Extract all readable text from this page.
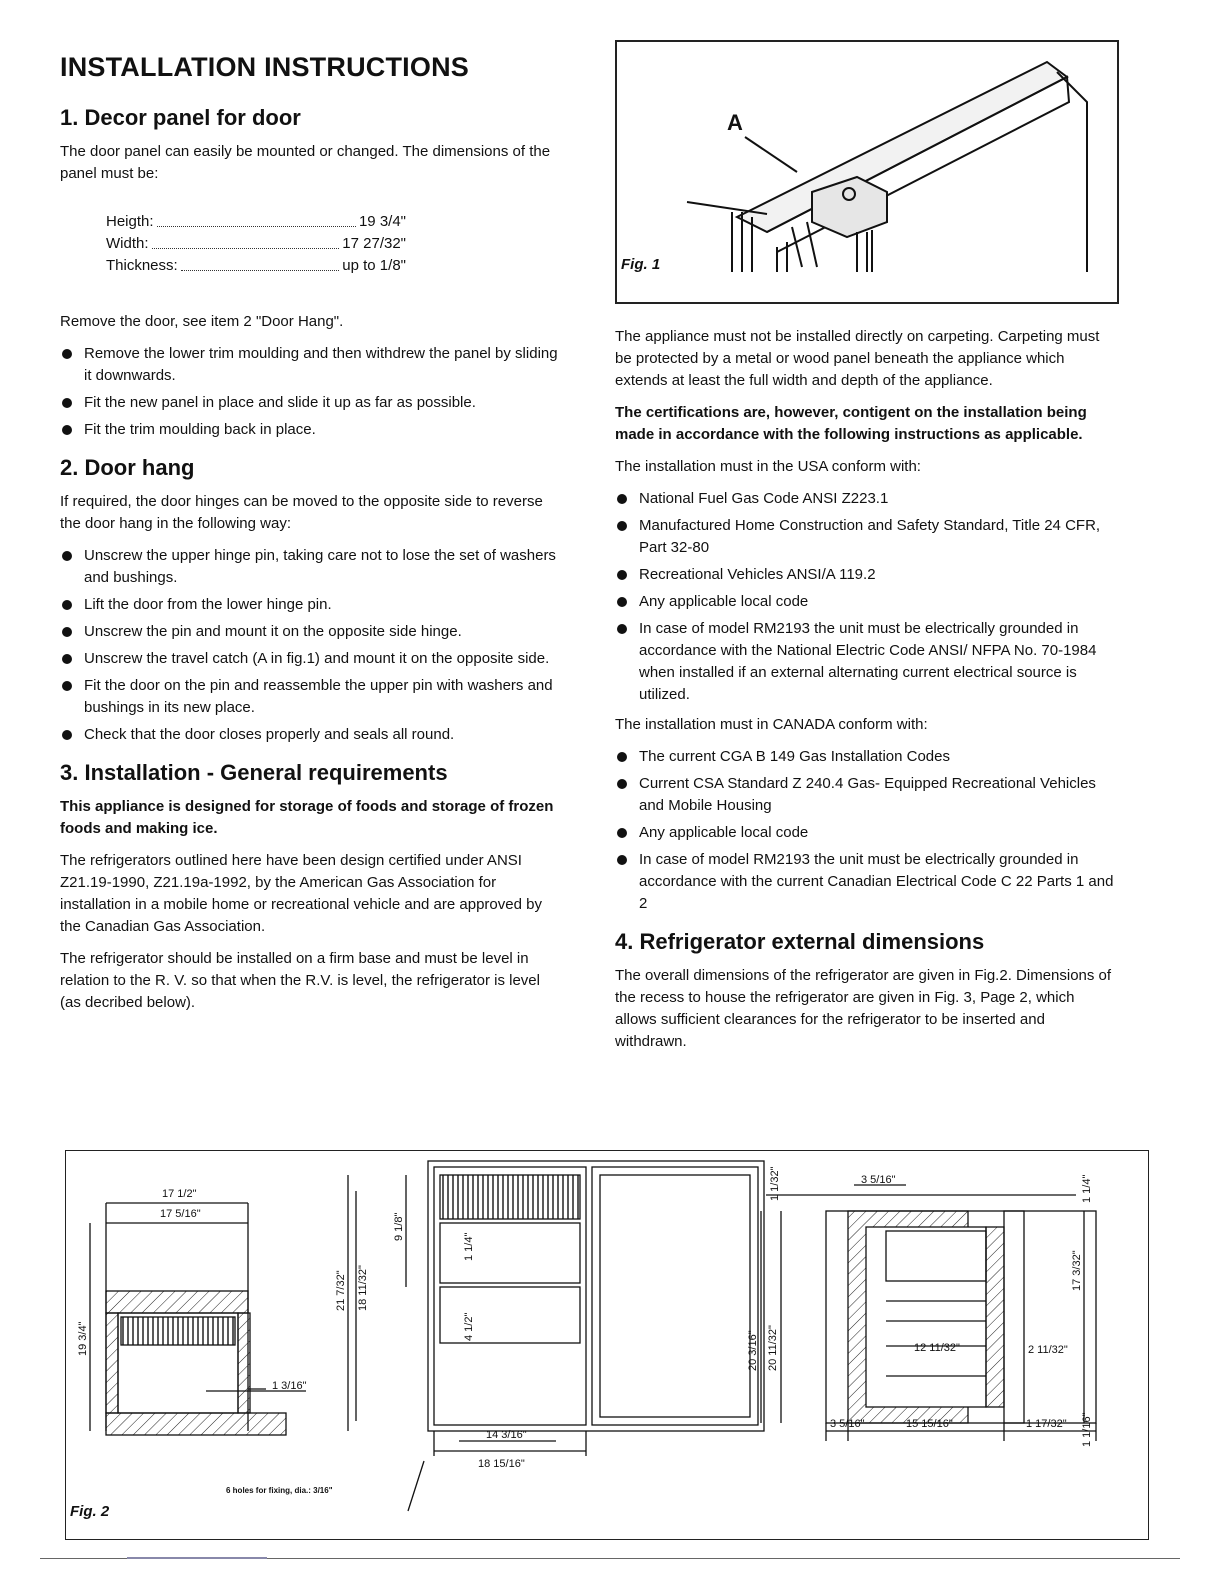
INSTALLATION INSTRUCTIONS
1. Decor panel for door

The door panel can easily be mounted or changed. The dimensions of the panel must be:

Heigth:	19 3/4"
Width:	17 27/32"
Thickness:	up to 1/8"

Remove the door, see item 2 "Door Hang".

Remove the lower trim moulding and then withdrew the panel by sliding it downwards.
Fit the new panel in place and slide it up as far as possible.
Fit the trim moulding back in place.
2. Door hang

If required, the door hinges can be moved to the opposite side to reverse the door hang in the following way:

Unscrew the upper hinge pin, taking care not to lose the set of washers and bushings.
Lift the door from the lower hinge pin.
Unscrew the pin and mount it on the opposite side hinge.
Unscrew the travel catch (A in fig.1) and mount it on the opposite side.
Fit the door on the pin and reassemble the upper pin with washers and bushings in its new place.
Check that the door closes properly and seals all round.
3. Installation - General requirements

This appliance is designed for storage of foods and storage of frozen foods and making ice.

The refrigerators outlined here have been design certified under ANSI Z21.19-1990, Z21.19a-1992, by the American Gas Association for installation in a mobile home or recreational vehicle and are approved by the Canadian Gas Association.

The refrigerator should be installed on a firm base and must be level in relation to the R. V. so that when the R.V. is level, the refrigerator is level (as decribed below).

A
Fig. 1

The appliance must not be installed directly on carpeting. Carpeting must be protected by a metal or wood panel beneath the appliance which extends at least the full width and depth of the appliance.

The certifications are, however, contigent on the installation being made in accordance with the following instructions as applicable.

The installation must in the USA conform with:

National Fuel Gas Code ANSI Z223.1
Manufactured Home Construction and Safety Standard, Title 24 CFR, Part 32-80
Recreational Vehicles ANSI/A 119.2
Any applicable local code
In case of model RM2193 the unit must be electrically grounded in accordance with the National Electric Code ANSI/ NFPA No. 70-1984 when installed if an external alternating current electrical source is utilized.

The installation must in CANADA conform with:

The current CGA B 149 Gas Installation Codes
Current CSA Standard Z 240.4 Gas- Equipped Recreational Vehicles and Mobile Housing
Any applicable local code
In case of model RM2193 the unit must be electrically grounded in accordance with the current Canadian Electrical Code C 22 Parts 1 and 2
4. Refrigerator external dimensions

The overall dimensions of the refrigerator are given in Fig.2. Dimensions of the recess to house the refrigerator are given in Fig. 3, Page 2, which allows sufficient clearances for the refrigerator to be inserted and withdrawn.

17 1/2"
17 5/16"
19 3/4"
1 3/16"
21 7/32" 18 11/32"
9 1/8"
1 1/4"
4 1/2"
14 3/16"
18 15/16"
3 5/16"
1 1/32"
20 3/16" 20 11/32"	12 11/32"	2 11/32"
17 3/32"
3 5/16"	15 15/16"	1 17/32" 1 1/16"
1 1/4"
6 holes for fixing, dia.: 3/16"
Fig. 2
